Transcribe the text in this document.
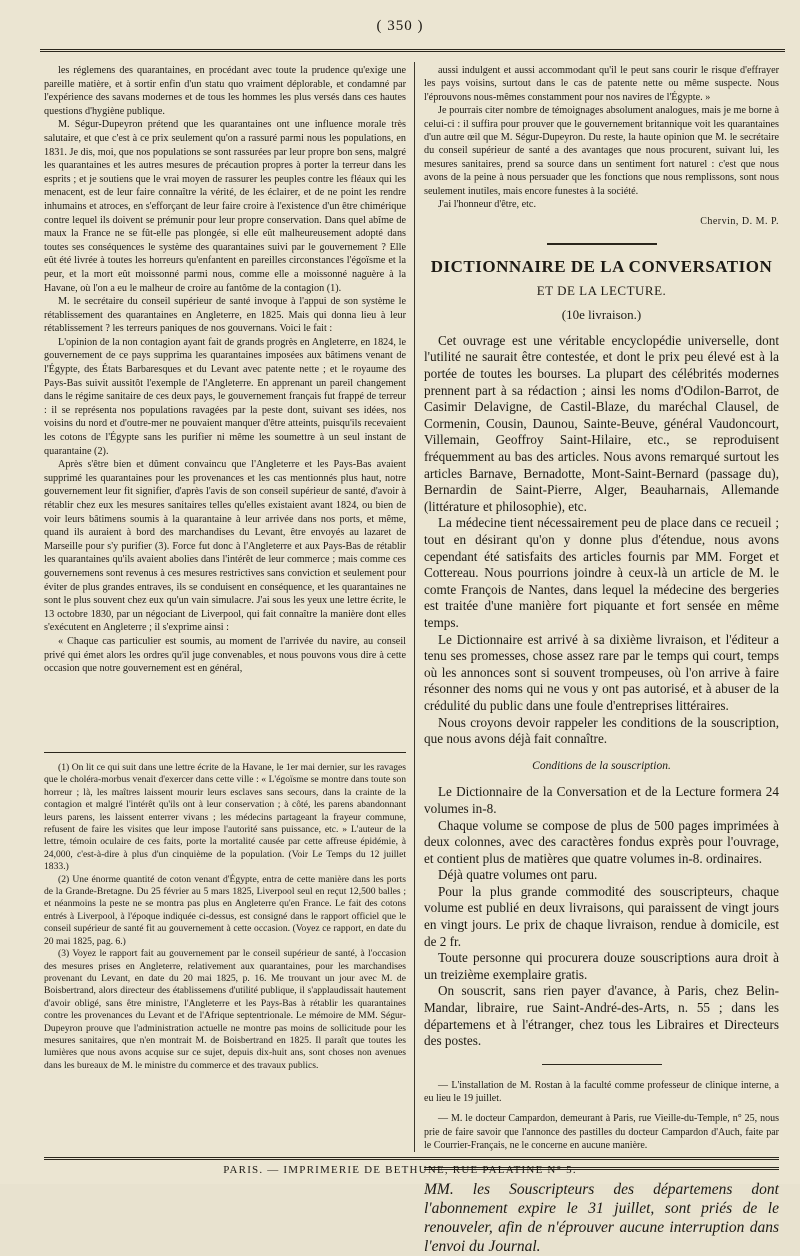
( 350 )

les réglemens des quarantaines, en procédant avec toute la prudence qu'exige une pareille matière, et à sortir enfin d'un statu quo vraiment déplorable, et condamné par l'expérience des savans modernes et de tous les hommes les plus versés dans ces hautes questions d'hygiène publique.

M. Ségur-Dupeyron prétend que les quarantaines ont une influence morale très salutaire, et que c'est à ce prix seulement qu'on a rassuré parmi nous les populations, en 1831. Je dis, moi, que nos populations se sont rassurées par leur propre bon sens, malgré les quarantaines et les autres mesures de précaution propres à porter la terreur dans les esprits ; et je soutiens que le vrai moyen de rassurer les peuples contre les fléaux qui les menacent, est de leur faire connaître la vérité, de les éclairer, et de ne point les rendre inhumains et atroces, en s'efforçant de leur faire croire à l'existence d'un être chimérique contre lequel ils doivent se prémunir pour leur propre conservation. Dans quel abîme de maux la France ne se fût-elle pas plongée, si elle eût malheureusement adopté dans toutes ses conséquences le système des quarantaines suivi par le gouvernement ? Elle eût été livrée à toutes les horreurs qu'enfantent en pareilles circonstances l'égoïsme et la peur, et la mort eût moissonné parmi nous, comme elle a moissonné naguère à la Havane, où l'on a eu le malheur de croire au fantôme de la contagion (1).

M. le secrétaire du conseil supérieur de santé invoque à l'appui de son système le rétablissement des quarantaines en Angleterre, en 1825. Mais qui donna lieu à leur rétablissement ? les terreurs paniques de nos gouvernans. Voici le fait :

L'opinion de la non contagion ayant fait de grands progrès en Angleterre, en 1824, le gouvernement de ce pays supprima les quarantaines imposées aux bâtimens venant de l'Égypte, des États Barbaresques et du Levant avec patente nette ; et le royaume des Pays-Bas suivit aussitôt l'exemple de l'Angleterre. En apprenant un pareil changement dans le régime sanitaire de ces deux pays, le gouvernement français fut frappé de terreur : il se représenta nos populations ravagées par la peste dont, suivant ses idées, nos voisins du nord et d'outre-mer ne pouvaient manquer d'être atteints, puisqu'ils recevaient les cotons de l'Égypte sans les purifier ni même les soumettre à un seul instant de quarantaine (2).

Après s'être bien et dûment convaincu que l'Angleterre et les Pays-Bas avaient supprimé les quarantaines pour les provenances et les cas mentionnés plus haut, notre gouvernement leur fit signifier, d'après l'avis de son conseil supérieur de santé, d'avoir à rétablir chez eux les mesures sanitaires telles qu'elles existaient avant 1824, ou bien de voir leurs bâtimens soumis à la quarantaine à leur arrivée dans nos ports, et même, quand ils auraient à bord des marchandises du Levant, être envoyés au lazaret de Marseille pour s'y purifier (3). Force fut donc à l'Angleterre et aux Pays-Bas de rétablir les quarantaines qu'ils avaient abolies dans l'intérêt de leur commerce ; mais comme ces gouvernemens sont revenus à ces mesures restrictives sans conviction et seulement pour éviter de plus grandes entraves, ils se conduisent en conséquence, et les quarantaines ne sont le plus souvent chez eux qu'un vain simulacre. J'ai sous les yeux une lettre écrite, le 13 octobre 1830, par un négociant de Liverpool, qui fait connaître la manière dont elles s'exécutent en Angleterre ; il s'exprime ainsi :

« Chaque cas particulier est soumis, au moment de l'arrivée du navire, au conseil privé qui émet alors les ordres qu'il juge convenables, et nous pouvons vous dire à cette occasion que notre gouvernement est en général,

(1) On lit ce qui suit dans une lettre écrite de la Havane, le 1er mai dernier, sur les ravages que le choléra-morbus venait d'exercer dans cette ville : « L'égoïsme se montre dans toute son horreur ; là, les maîtres laissent mourir leurs esclaves sans secours, dans la crainte de la contagion et malgré l'intérêt qu'ils ont à leur conservation ; à côté, les parens abandonnant leurs parens, les laissent enterrer vivans ; les médecins partageant la frayeur commune, refusent de faire les visites que leur impose l'autorité sans puissance, etc. » L'auteur de la lettre, témoin oculaire de ces faits, porte la mortalité causée par cette affreuse épidémie, à 24,000, c'est-à-dire à plus d'un cinquième de la population. (Voir Le Temps du 12 juillet 1833.)

(2) Une énorme quantité de coton venant d'Égypte, entra de cette manière dans les ports de la Grande-Bretagne. Du 25 février au 5 mars 1825, Liverpool seul en reçut 12,500 balles ; et néanmoins la peste ne se montra pas plus en Angleterre qu'en France. Le fait des cotons entrés à Liverpool, à l'époque indiquée ci-dessus, est consigné dans le rapport officiel que le conseil supérieur de santé fit au gouvernement à cette occasion. (Voyez ce rapport, en date du 20 mai 1825, pag. 6.)

(3) Voyez le rapport fait au gouvernement par le conseil supérieur de santé, à l'occasion des mesures prises en Angleterre, relativement aux quarantaines, pour les marchandises provenant du Levant, en date du 20 mai 1825, p. 16. Me trouvant un jour avec M. de Boisbertrand, alors directeur des établissemens d'utilité publique, il s'applaudissait hautement d'avoir obligé, sans être ministre, l'Angleterre et les Pays-Bas à rétablir les quarantaines contre les provenances du Levant et de l'Afrique septentrionale. Le mémoire de MM. Ségur-Dupeyron prouve que l'administration actuelle ne montre pas moins de sollicitude pour les mesures sanitaires, que n'en montrait M. de Boisbertrand en 1825. Il paraît que toutes les lumières que nous avons acquise sur ce sujet, depuis dix-huit ans, sont choses non avenues dans les bureaux de M. le ministre du commerce et des travaux publics.

aussi indulgent et aussi accommodant qu'il le peut sans courir le risque d'effrayer les pays voisins, surtout dans le cas de patente nette ou même suspecte. Nous l'éprouvons nous-mêmes constamment pour nos navires de l'Égypte. »

Je pourrais citer nombre de témoignages absolument analogues, mais je me borne à celui-ci : il suffira pour prouver que le gouvernement britannique voit les quarantaines d'un autre œil que M. Ségur-Dupeyron. Du reste, la haute opinion que M. le secrétaire du conseil supérieur de santé a des avantages que nous procurent, suivant lui, les mesures sanitaires, prend sa source dans un sentiment fort naturel : c'est que nous avons de la peine à nous persuader que les fonctions que nous remplissons, sont nous seulement inutiles, mais encore funestes à la société.

J'ai l'honneur d'être, etc.

Chervin, D. M. P.
DICTIONNAIRE DE LA CONVERSATION
ET DE LA LECTURE.
(10e livraison.)

Cet ouvrage est une véritable encyclopédie universelle, dont l'utilité ne saurait être contestée, et dont le prix peu élevé est à la portée de toutes les bourses. La plupart des célébrités modernes prennent part à sa rédaction ; ainsi les noms d'Odilon-Barrot, de Casimir Delavigne, de Castil-Blaze, du maréchal Clausel, de Cormenin, Cousin, Daunou, Sainte-Beuve, général Vaudoncourt, Villemain, Geoffroy Saint-Hilaire, etc., se reproduisent fréquemment au bas des articles. Nous avons remarqué surtout les articles Barnave, Bernadotte, Mont-Saint-Bernard (passage du), Bernardin de Saint-Pierre, Alger, Beauharnais, Allemande (littérature et philosophie), etc.

La médecine tient nécessairement peu de place dans ce recueil ; tout en désirant qu'on y donne plus d'étendue, nous avons cependant été satisfaits des articles fournis par MM. Forget et Cottereau. Nous pourrions joindre à ceux-là un article de M. le comte François de Nantes, dans lequel la médecine des bergeries est traitée d'une manière fort piquante et fort sensée en même temps.

Le Dictionnaire est arrivé à sa dixième livraison, et l'éditeur a tenu ses promesses, chose assez rare par le temps qui court, temps où les annonces sont si souvent trompeuses, où l'on arrive à faire résonner des noms qui ne vous y ont pas autorisé, et à abuser de la crédulité du public dans une foule d'entreprises littéraires.

Nous croyons devoir rappeler les conditions de la souscription, que nous avons déjà fait connaître.

Conditions de la souscription.

Le Dictionnaire de la Conversation et de la Lecture formera 24 volumes in-8.

Chaque volume se compose de plus de 500 pages imprimées à deux colonnes, avec des caractères fondus exprès pour l'ouvrage, et contient plus de matières que quatre volumes in-8. ordinaires.

Déjà quatre volumes ont paru.

Pour la plus grande commodité des souscripteurs, chaque volume est publié en deux livraisons, qui paraissent de vingt jours en vingt jours. Le prix de chaque livraison, rendue à domicile, est de 2 fr.

Toute personne qui procurera douze souscriptions aura droit à un treizième exemplaire gratis.

On souscrit, sans rien payer d'avance, à Paris, chez Belin-Mandar, libraire, rue Saint-André-des-Arts, n. 55 ; dans les départemens et à l'étranger, chez tous les Libraires et Directeurs des postes.

— L'installation de M. Rostan à la faculté comme professeur de clinique interne, a eu lieu le 19 juillet.

— M. le docteur Campardon, demeurant à Paris, rue Vieille-du-Temple, n° 25, nous prie de faire savoir que l'annonce des pastilles du docteur Campardon d'Auch, faite par le Courrier-Français, ne le concerne en aucune manière.

MM. les Souscripteurs des départemens dont l'abonnement expire le 31 juillet, sont priés de le renouveler, afin de n'éprouver aucune interruption dans l'envoi du Journal.
PARIS. — IMPRIMERIE DE BETHUNE, RUE PALATINE N° 5.
